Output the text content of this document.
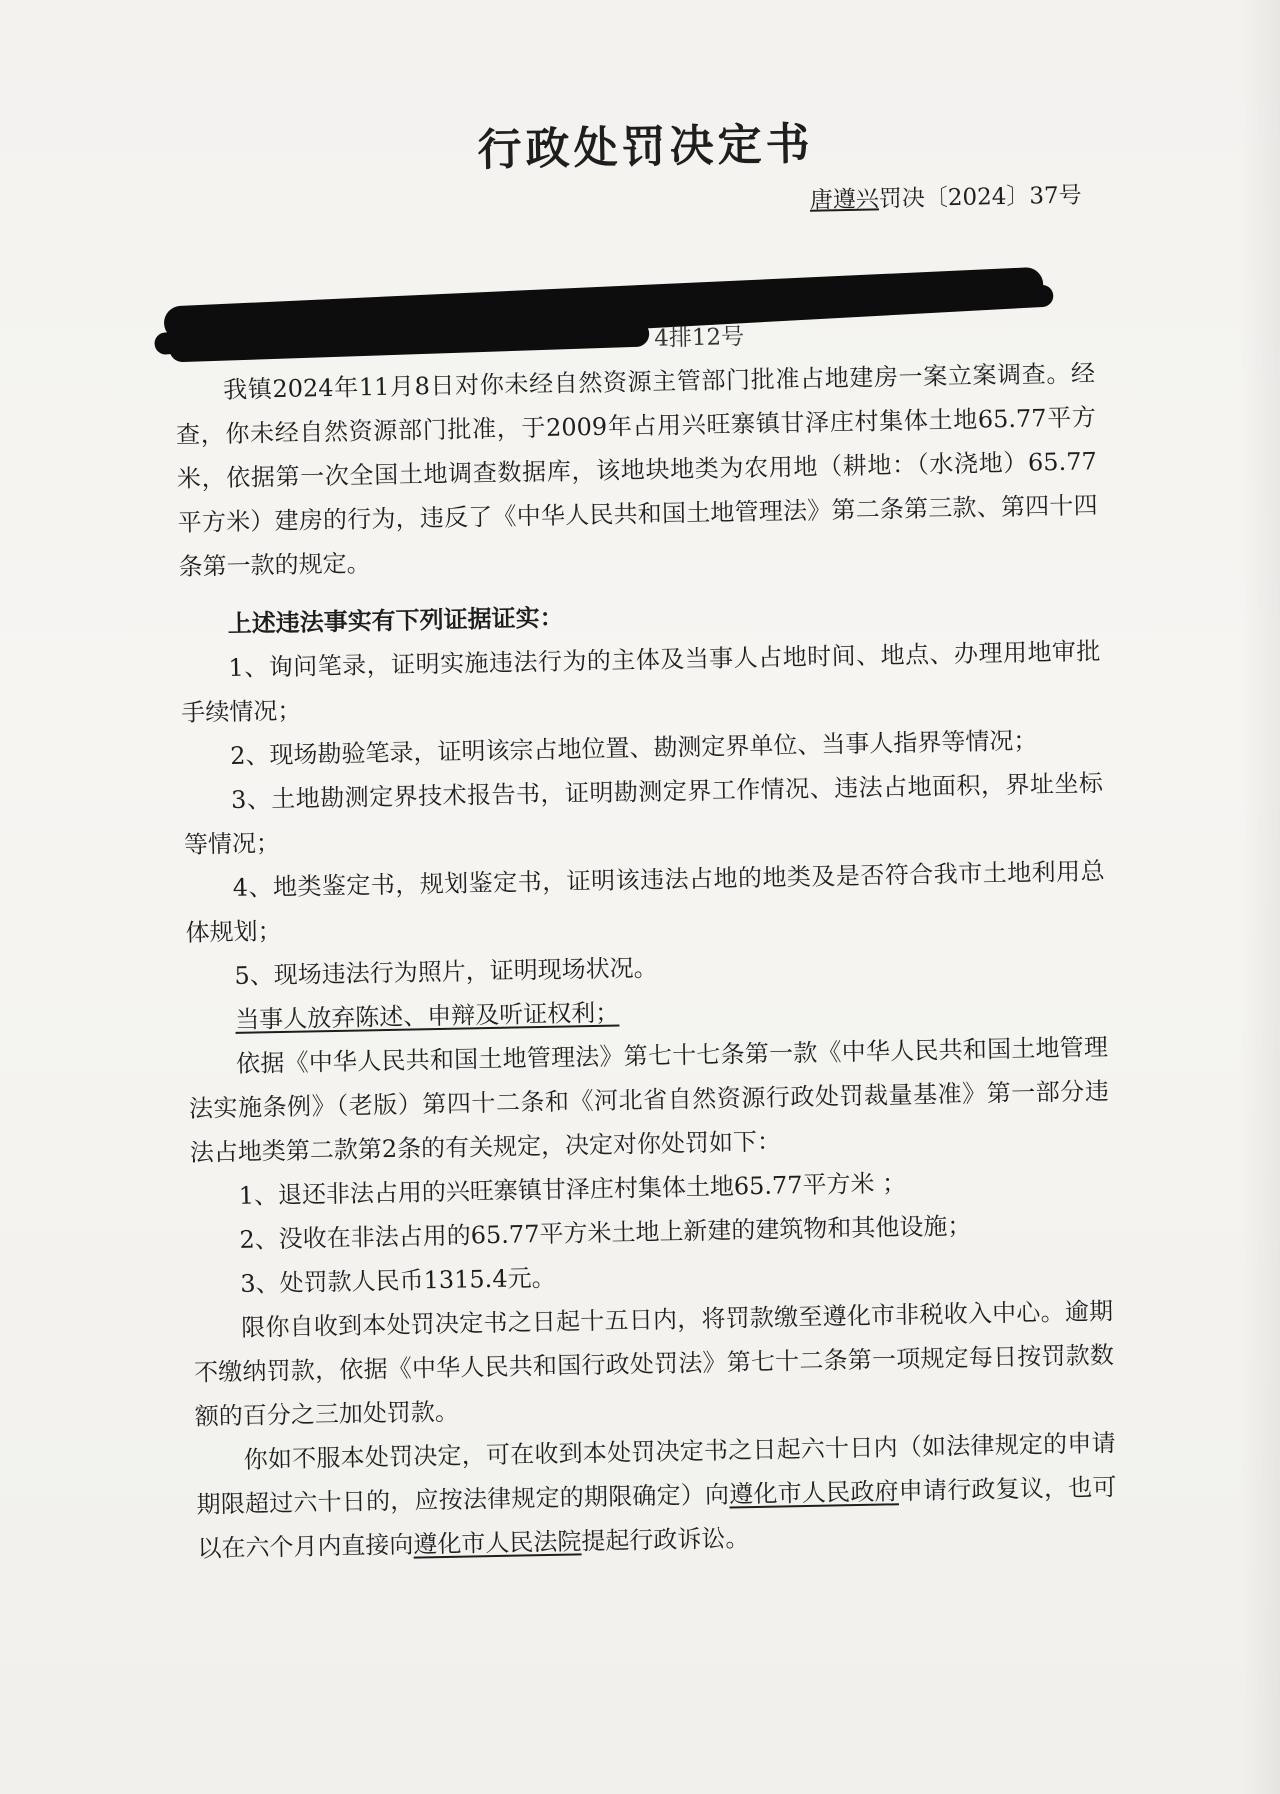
行政处罚决定书
唐遵兴罚决〔2024〕37号
4排12号

我镇2024年11月8日对你未经自然资源主管部门批准占地建房一案立案调查。经查，你未经自然资源部门批准，于2009年占用兴旺寨镇甘泽庄村集体土地65.77平方米，依据第一次全国土地调查数据库，该地块地类为农用地（耕地：（水浇地）65.77平方米）建房的行为，违反了《中华人民共和国土地管理法》第二条第三款、第四十四条第一款的规定。

上述违法事实有下列证据证实：

1、询问笔录，证明实施违法行为的主体及当事人占地时间、地点、办理用地审批手续情况；

2、现场勘验笔录，证明该宗占地位置、勘测定界单位、当事人指界等情况；

3、土地勘测定界技术报告书，证明勘测定界工作情况、违法占地面积，界址坐标等情况；

4、地类鉴定书，规划鉴定书，证明该违法占地的地类及是否符合我市土地利用总体规划；

5、现场违法行为照片，证明现场状况。

当事人放弃陈述、申辩及听证权利；

依据《中华人民共和国土地管理法》第七十七条第一款《中华人民共和国土地管理法实施条例》（老版）第四十二条和《河北省自然资源行政处罚裁量基准》第一部分违法占地类第二款第2条的有关规定，决定对你处罚如下：

1、退还非法占用的兴旺寨镇甘泽庄村集体土地65.77平方米 ；

2、没收在非法占用的65.77平方米土地上新建的建筑物和其他设施；

3、处罚款人民币1315.4元。

限你自收到本处罚决定书之日起十五日内，将罚款缴至遵化市非税收入中心。逾期不缴纳罚款，依据《中华人民共和国行政处罚法》第七十二条第一项规定每日按罚款数额的百分之三加处罚款。

你如不服本处罚决定，可在收到本处罚决定书之日起六十日内（如法律规定的申请期限超过六十日的，应按法律规定的期限确定）向遵化市人民政府申请行政复议，也可以在六个月内直接向遵化市人民法院提起行政诉讼。
